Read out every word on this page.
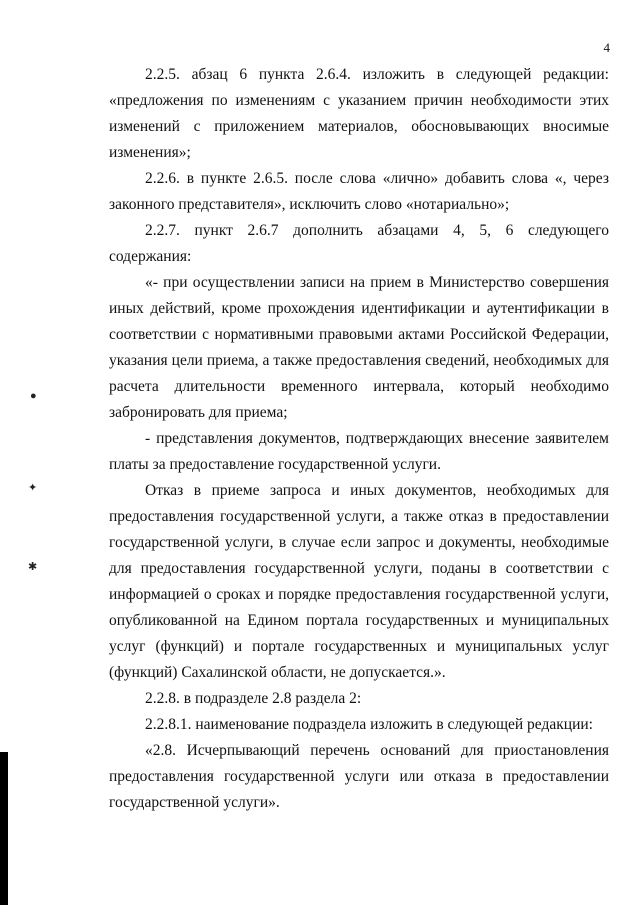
4
2.2.5. абзац 6 пункта 2.6.4. изложить в следующей редакции:
«предложения по изменениям с указанием причин необходимости этих
изменений с приложением материалов, обосновывающих вносимые
изменения»;
2.2.6. в пункте 2.6.5. после слова «лично» добавить слова «, через
законного представителя», исключить слово «нотариально»;
2.2.7. пункт 2.6.7 дополнить абзацами 4, 5, 6 следующего
содержания:
«- при осуществлении записи на прием в Министерство совершения
иных действий, кроме прохождения идентификации и аутентификации в
соответствии с нормативными правовыми актами Российской Федерации,
указания цели приема, а также предоставления сведений, необходимых для
расчета длительности временного интервала, который необходимо
забронировать для приема;
- представления документов, подтверждающих внесение заявителем
платы за предоставление государственной услуги.
Отказ в приеме запроса и иных документов, необходимых для
предоставления государственной услуги, а также отказ в предоставлении
государственной услуги, в случае если запрос и документы, необходимые
для предоставления государственной услуги, поданы в соответствии с
информацией о сроках и порядке предоставления государственной услуги,
опубликованной на Едином портала государственных и муниципальных
услуг (функций) и портале государственных и муниципальных услуг
(функций) Сахалинской области, не допускается.».
2.2.8. в подразделе 2.8 раздела 2:
2.2.8.1. наименование подраздела изложить в следующей редакции:
«2.8. Исчерпывающий перечень оснований для приостановления
предоставления государственной услуги или отказа в предоставлении
государственной услуги».
●
✦
✱
